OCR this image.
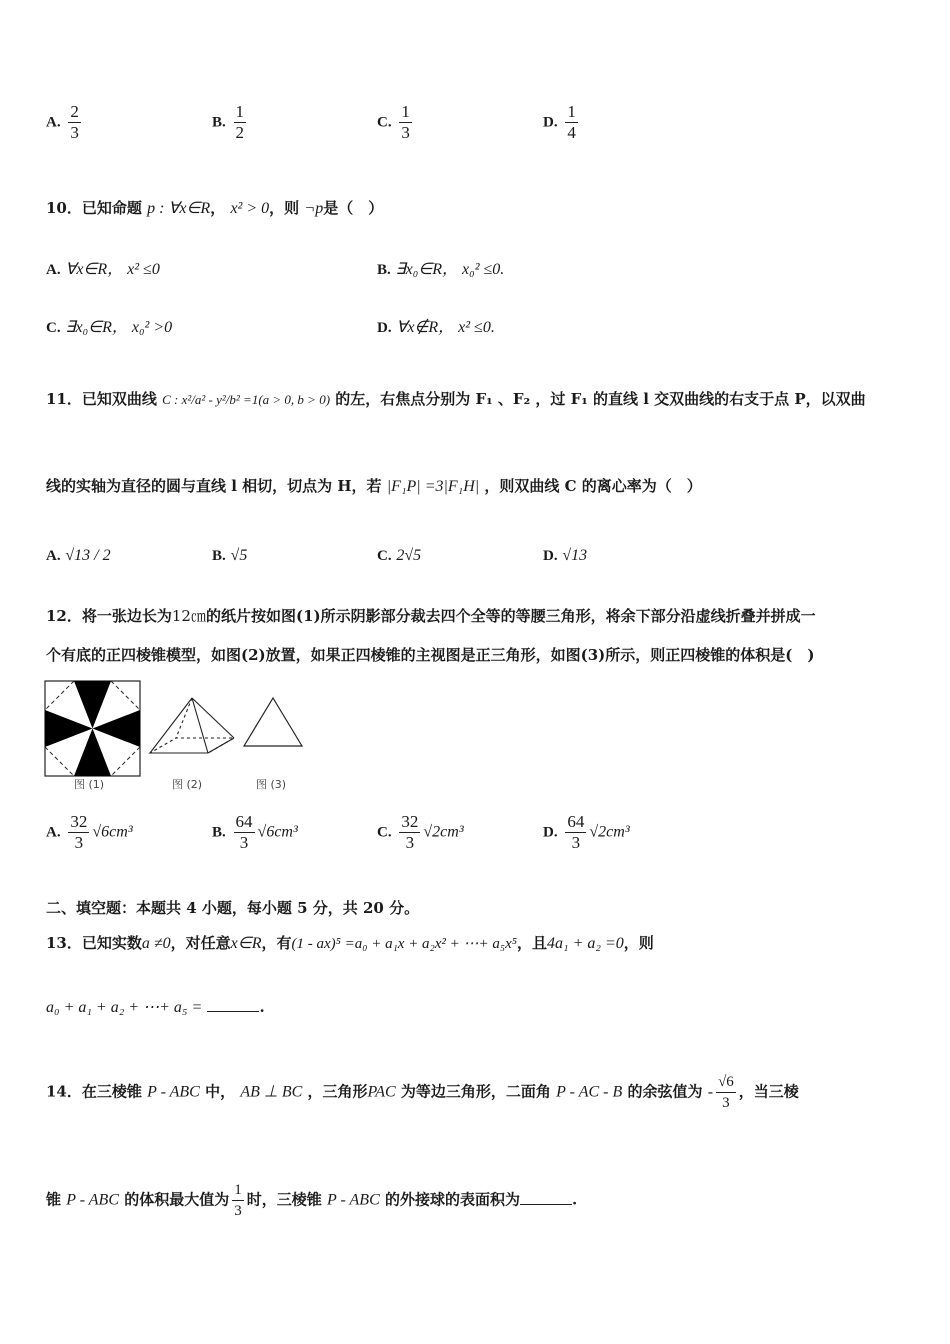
A. $\frac{2}{3}$	B. $\frac{1}{2}$	C. $\frac{1}{3}$	D. $\frac{1}{4}$
10．已知命题 p : ∀x∈R， x² > 0，则 ¬p是（　）
A. ∀x∈R， x² ≤0	B. ∃x₀∈R， x₀² ≤0.
C. ∃x₀∈R， x₀² >0	D. ∀x∉R， x² ≤0.
11．已知双曲线 C : x²/a² - y²/b² =1(a > 0, b > 0) 的左，右焦点分别为 F₁ 、F₂ ，过 F₁ 的直线 l 交双曲线的右支于点 P，以双曲
线的实轴为直径的圆与直线 l 相切，切点为 H，若 |F₁P| =3|F₁H| ，则双曲线 C 的离心率为（　）
A. √13 / 2	B. √5	C. 2√5	D. √13
12．将一张边长为12㎝的纸片按如图(1)所示阴影部分裁去四个全等的等腰三角形，将余下部分沿虚线折叠并拼成一
个有底的正四棱锥模型，如图(2)放置，如果正四棱锥的主视图是正三角形，如图(3)所示，则正四棱锥的体积是(　)
图 (1)	图 (2)	图 (3)
A. $\frac{32}{3} √6cm^3$	B. $\frac{64}{3} √6cm^3$	C. $\frac{32}{3} √2cm^3$	D. $\frac{64}{3} √2cm^3$
二、填空题：本题共 4 小题，每小题 5 分，共 20 分。
13．已知实数a ≠0，对任意x∈R，有(1 - ax)⁵ =a₀ + a₁x + a₂x² + ⋯+ a₅x⁵，且4a₁ + a₂ =0，则
a₀ + a₁ + a₂ + ⋯+ a₅ =	.
14．在三棱锥 P - ABC 中， AB ⊥ BC ，三角形PAC 为等边三角形，二面角 P - AC - B 的余弦值为 - $\frac{√6}{3}$ ，当三棱
锥 P - ABC 的体积最大值为 $\frac{1}{3}$ 时，三棱锥 P - ABC 的外接球的表面积为	.
